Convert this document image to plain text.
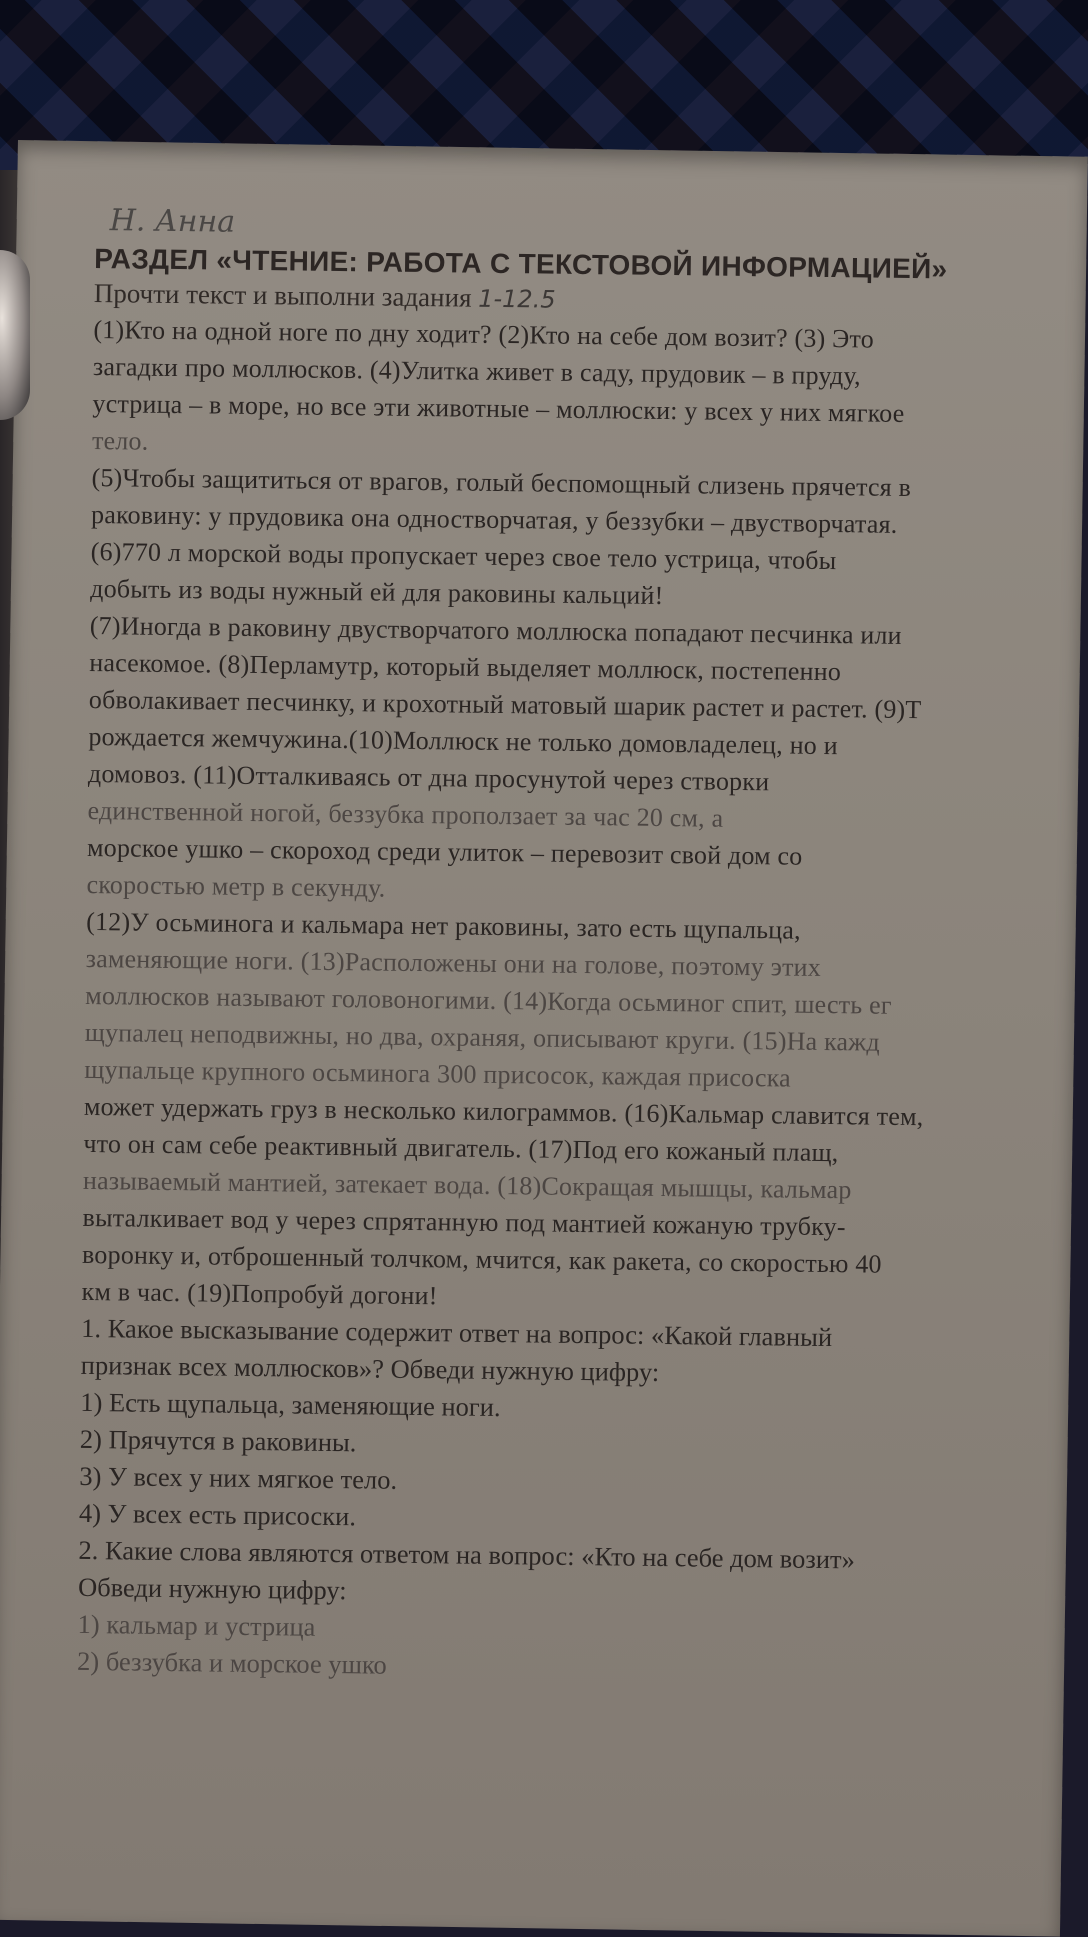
Н. Анна
РАЗДЕЛ «ЧТЕНИЕ: РАБОТА С ТЕКСТОВОЙ ИНФОРМАЦИЕЙ»
Прочти текст и выполни задания 1-12.5
(1)Кто на одной ноге по дну ходит? (2)Кто на себе дом возит? (3) Это
загадки про моллюсков. (4)Улитка живет в саду, прудовик – в пруду,
устрица – в море, но все эти животные – моллюски: у всех у них мягкое
тело.
(5)Чтобы защититься от врагов, голый беспомощный слизень прячется в
раковину: у прудовика она одностворчатая, у беззубки – двустворчатая.
(6)770 л морской воды пропускает через свое тело устрица, чтобы
добыть из воды нужный ей для раковины кальций!
(7)Иногда в раковину двустворчатого моллюска попадают песчинка или
насекомое. (8)Перламутр, который выделяет моллюск, постепенно
обволакивает песчинку, и крохотный матовый шарик растет и растет. (9)Т
рождается жемчужина.(10)Моллюск не только домовладелец, но и
домовоз. (11)Отталкиваясь от дна просунутой через створки
единственной ногой, беззубка проползает за час 20 см, а
морское ушко – скороход среди улиток – перевозит свой дом со
скоростью метр в секунду.
(12)У осьминога и кальмара нет раковины, зато есть щупальца,
заменяющие ноги. (13)Расположены они на голове, поэтому этих
моллюсков называют головоногими. (14)Когда осьминог спит, шесть ег
щупалец неподвижны, но два, охраняя, описывают круги. (15)На кажд
щупальце крупного осьминога 300 присосок, каждая присоска
может удержать груз в несколько килограммов. (16)Кальмар славится тем,
что он сам себе реактивный двигатель. (17)Под его кожаный плащ,
называемый мантией, затекает вода. (18)Сокращая мышцы, кальмар
выталкивает вод у через спрятанную под мантией кожаную трубку-
воронку и, отброшенный толчком, мчится, как ракета, со скоростью 40
км в час. (19)Попробуй догони!
1. Какое высказывание содержит ответ на вопрос: «Какой главный
признак всех моллюсков»? Обведи нужную цифру:
1) Есть щупальца, заменяющие ноги.
2) Прячутся в раковины.
3) У всех у них мягкое тело.
4) У всех есть присоски.
2. Какие слова являются ответом на вопрос: «Кто на себе дом возит»
Обведи нужную цифру:
1) кальмар и устрица
2) беззубка и морское ушко
